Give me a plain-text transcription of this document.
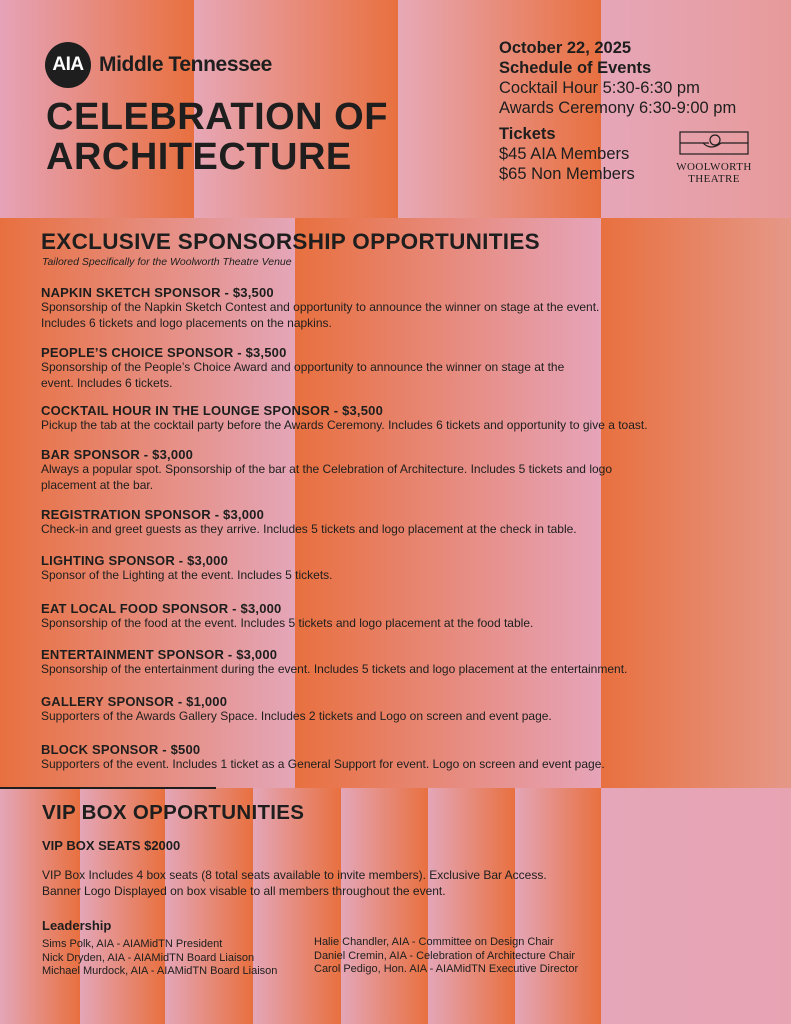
AIA Middle Tennessee
CELEBRATION OF
ARCHITECTURE
October 22, 2025
Schedule of Events
Cocktail Hour 5:30-6:30 pm
Awards Ceremony 6:30-9:00 pm
Tickets
$45 AIA Members
$65 Non Members	WOOLWORTH
THEATRE
EXCLUSIVE SPONSORSHIP OPPORTUNITIES
Tailored Specifically for the Woolworth Theatre Venue
NAPKIN SKETCH SPONSOR - $3,500

Sponsorship of the Napkin Sketch Contest and opportunity to announce the winner on stage at the event.

Includes 6 tickets and logo placements on the napkins.

PEOPLE’S CHOICE SPONSOR - $3,500

Sponsorship of the People’s Choice Award and opportunity to announce the winner on stage at the

event. Includes 6 tickets.

COCKTAIL HOUR IN THE LOUNGE SPONSOR - $3,500

Pickup the tab at the cocktail party before the Awards Ceremony. Includes 6 tickets and opportunity to give a toast.

BAR SPONSOR - $3,000

Always a popular spot. Sponsorship of the bar at the Celebration of Architecture. Includes 5 tickets and logo

placement at the bar.

REGISTRATION SPONSOR - $3,000

Check-in and greet guests as they arrive. Includes 5 tickets and logo placement at the check in table.

LIGHTING SPONSOR - $3,000

Sponsor of the Lighting at the event. Includes 5 tickets.

EAT LOCAL FOOD SPONSOR - $3,000

Sponsorship of the food at the event. Includes 5 tickets and logo placement at the food table.

ENTERTAINMENT SPONSOR - $3,000

Sponsorship of the entertainment during the event. Includes 5 tickets and logo placement at the entertainment.

GALLERY SPONSOR - $1,000

Supporters of the Awards Gallery Space. Includes 2 tickets and Logo on screen and event page.

BLOCK SPONSOR - $500

Supporters of the event. Includes 1 ticket as a General Support for event. Logo on screen and event page.

VIP BOX OPPORTUNITIES
VIP BOX SEATS $2000
VIP Box Includes 4 box seats (8 total seats available to invite members). Exclusive Bar Access.
Banner Logo Displayed on box visable to all members throughout the event.
Leadership
Sims Polk, AIA - AIAMidTN President
Nick Dryden, AIA - AIAMidTN Board Liaison
Michael Murdock, AIA - AIAMidTN Board Liaison
Halie Chandler, AIA - Committee on Design Chair
Daniel Cremin, AIA - Celebration of Architecture Chair
Carol Pedigo, Hon. AIA - AIAMidTN Executive Director
